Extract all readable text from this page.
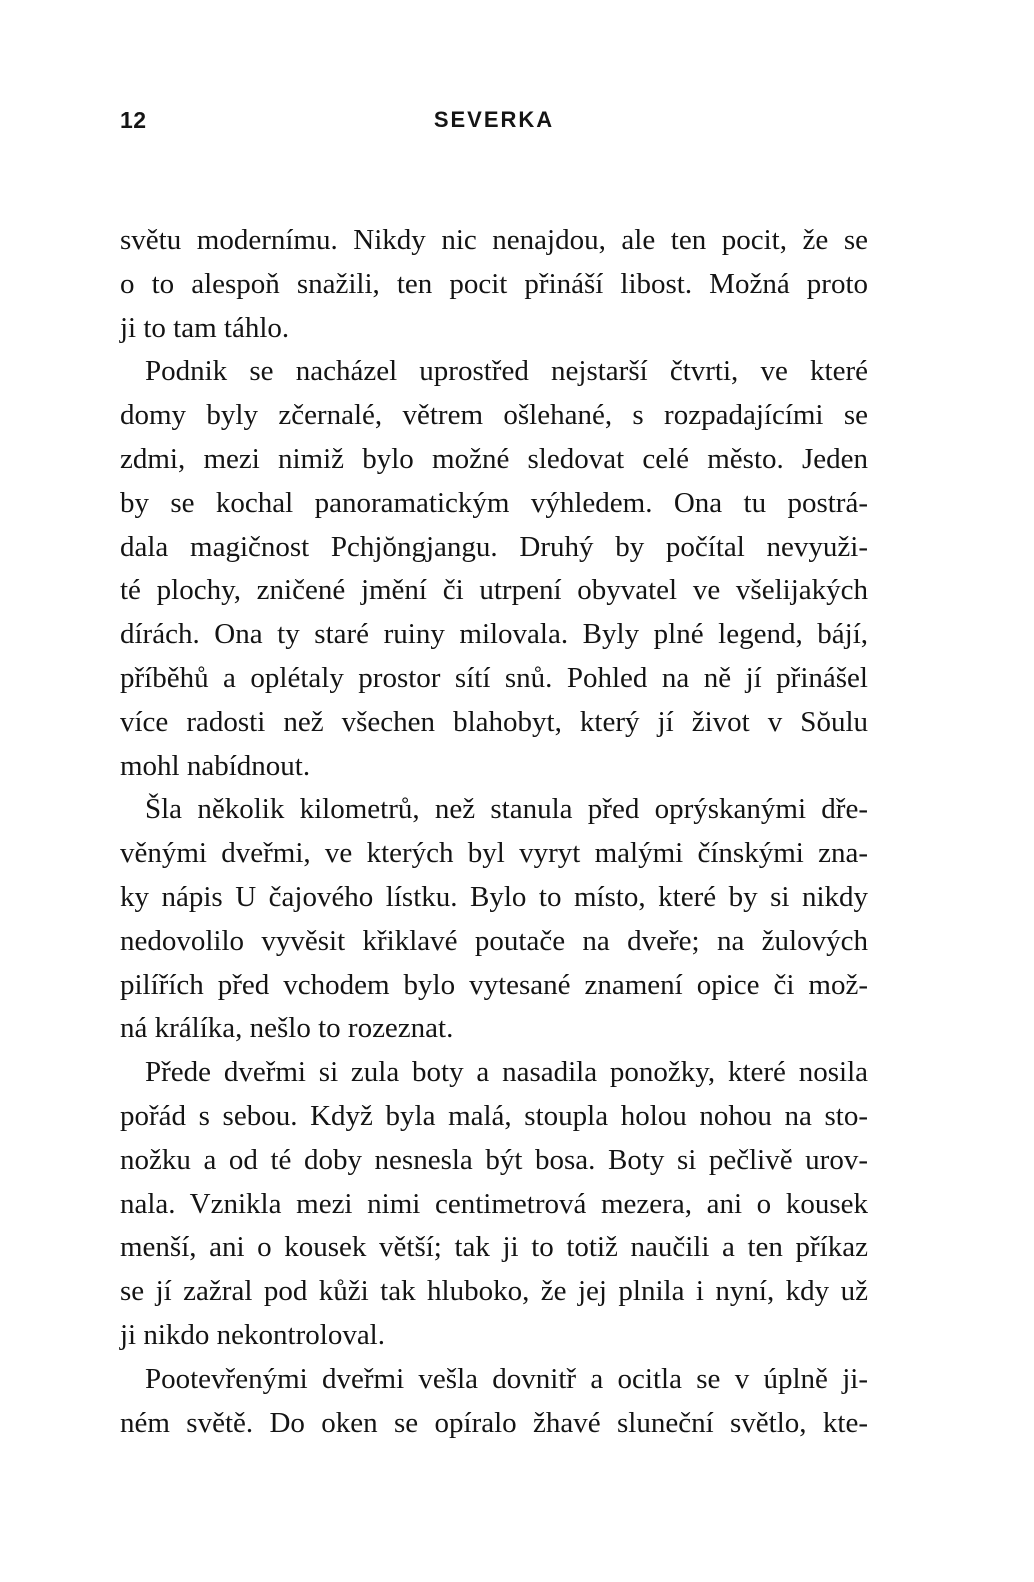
12	SEVERKA
světu modernímu. Nikdy nic nenajdou, ale ten pocit, že se
o to alespoň snažili, ten pocit přináší libost. Možná proto
ji to tam táhlo.
Podnik se nacházel uprostřed nejstarší čtvrti, ve které
domy byly zčernalé, větrem ošlehané, s rozpadajícími se
zdmi, mezi nimiž bylo možné sledovat celé město. Jeden
by se kochal panoramatickým výhledem. Ona tu postrá-
dala magičnost Pchjŏngjangu. Druhý by počítal nevyuži-
té plochy, zničené jmění či utrpení obyvatel ve všelijakých
dírách. Ona ty staré ruiny milovala. Byly plné legend, bájí,
příběhů a oplétaly prostor sítí snů. Pohled na ně jí přinášel
více radosti než všechen blahobyt, který jí život v Sŏulu
mohl nabídnout.
Šla několik kilometrů, než stanula před oprýskanými dře-
věnými dveřmi, ve kterých byl vyryt malými čínskými zna-
ky nápis U čajového lístku. Bylo to místo, které by si nikdy
nedovolilo vyvěsit křiklavé poutače na dveře; na žulových
pilířích před vchodem bylo vytesané znamení opice či mož-
ná králíka, nešlo to rozeznat.
Přede dveřmi si zula boty a nasadila ponožky, které nosila
pořád s sebou. Když byla malá, stoupla holou nohou na sto-
nožku a od té doby nesnesla být bosa. Boty si pečlivě urov-
nala. Vznikla mezi nimi centimetrová mezera, ani o kousek
menší, ani o kousek větší; tak ji to totiž naučili a ten příkaz
se jí zažral pod kůži tak hluboko, že jej plnila i nyní, kdy už
ji nikdo nekontroloval.
Pootevřenými dveřmi vešla dovnitř a ocitla se v úplně ji-
ném světě. Do oken se opíralo žhavé sluneční světlo, kte-
